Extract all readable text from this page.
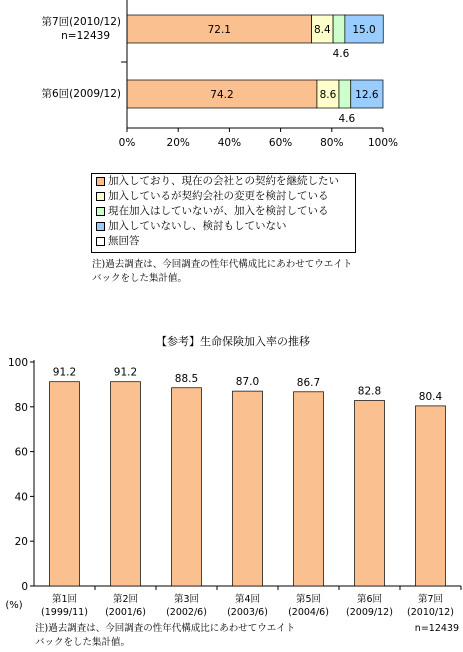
72.1	8.4
4.6
15.0
74.2	8.6
4.6
12.6
第7回(2010/12)
n=12439
第6回(2009/12)
0%	20%	40%	60%	80% 100%
加入しており、現在の会社との契約を継続したい
加入しているが契約会社の変更を検討している
現在加入はしていないが、加入を検討している
加入していないし、検討もしていない
無回答
注)過去調査は、今回調査の性年代構成比にあわせてウエイト
バックをした集計値。
【参考】生命保険加入率の推移
0
20
40
60
80
100
(%)
91.2
第1回
(1999/11)
91.2
第2回
(2001/6)
88.5
第3回
(2002/6)
87.0
第4回
(2003/6)
86.7
第5回
(2004/6)
82.8
第6回
(2009/12)
80.4
第7回
(2010/12)
n=12439
注)過去調査は、今回調査の性年代構成比にあわせてウエイト
バックをした集計値。
